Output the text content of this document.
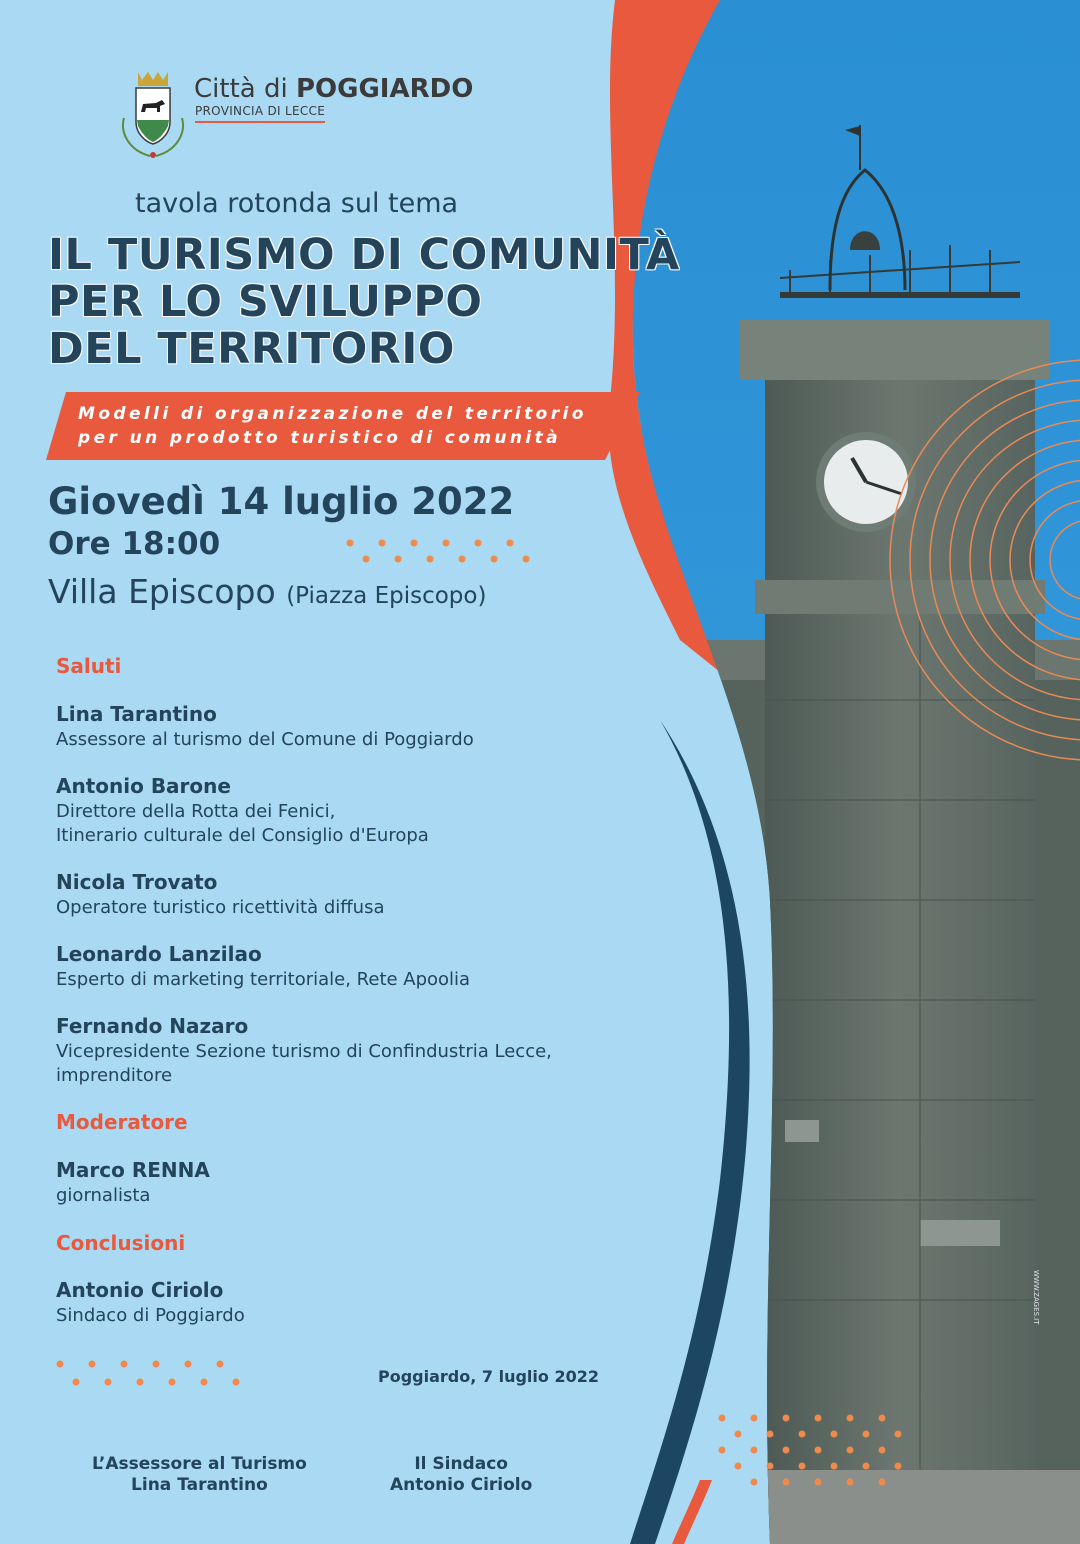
Città di POGGIARDO
PROVINCIA DI LECCE
tavola rotonda sul tema
IL TURISMO DI COMUNITÀ
PER LO SVILUPPO
DEL TERRITORIO
Modelli di organizzazione del territorio
per un prodotto turistico di comunità
Giovedì 14 luglio 2022
Ore 18:00
Villa Episcopo (Piazza Episcopo)
Saluti
Lina Tarantino
Assessore al turismo del Comune di Poggiardo
Antonio Barone
Direttore della Rotta dei Fenici,
Itinerario culturale del Consiglio d'Europa
Nicola Trovato
Operatore turistico ricettività diffusa
Leonardo Lanzilao
Esperto di marketing territoriale, Rete Apoolia
Fernando Nazaro
Vicepresidente Sezione turismo di Confindustria Lecce,
imprenditore
Moderatore
Marco RENNA
giornalista
Conclusioni
Antonio Ciriolo
Sindaco di Poggiardo
Poggiardo, 7 luglio 2022
L’Assessore al Turismo
Lina Tarantino
Il Sindaco
Antonio Ciriolo
WWW.ZAGES.IT
